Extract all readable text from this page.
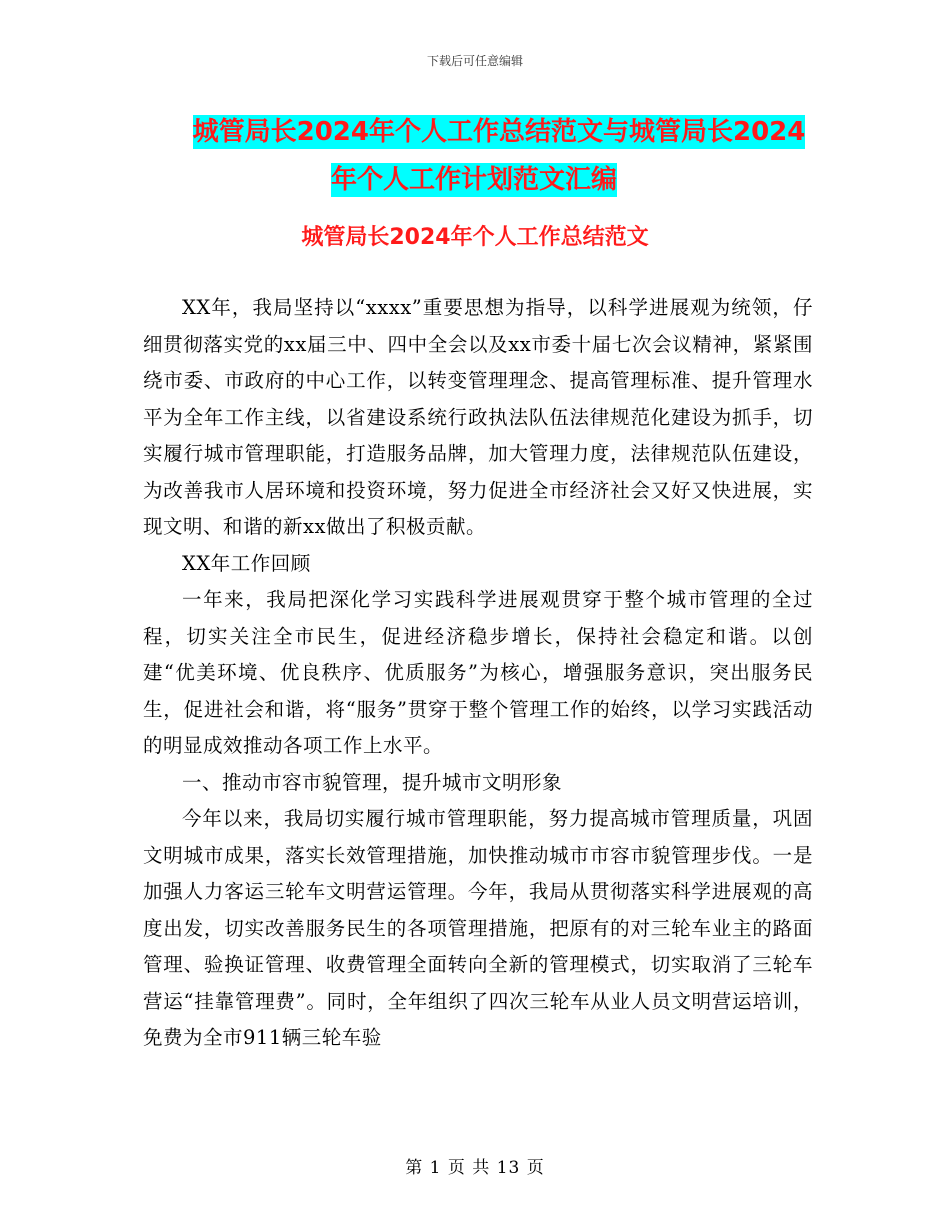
下载后可任意编辑
城管局长2024年个人工作总结范文与城管局长2024
年个人工作计划范文汇编
城管局长2024年个人工作总结范文

XX年，我局坚持以“xxxx”重要思想为指导，以科学进展观为统领，仔细贯彻落实党的xx届三中、四中全会以及xx市委十届七次会议精神，紧紧围绕市委、市政府的中心工作，以转变管理理念、提高管理标准、提升管理水平为全年工作主线，以省建设系统行政执法队伍法律规范化建设为抓手，切实履行城市管理职能，打造服务品牌，加大管理力度，法律规范队伍建设，为改善我市人居环境和投资环境，努力促进全市经济社会又好又快进展，实现文明、和谐的新xx做出了积极贡献。

XX年工作回顾

一年来，我局把深化学习实践科学进展观贯穿于整个城市管理的全过程，切实关注全市民生，促进经济稳步增长，保持社会稳定和谐。以创建“优美环境、优良秩序、优质服务”为核心，增强服务意识，突出服务民生，促进社会和谐，将“服务”贯穿于整个管理工作的始终，以学习实践活动的明显成效推动各项工作上水平。

一、推动市容市貌管理，提升城市文明形象

今年以来，我局切实履行城市管理职能，努力提高城市管理质量，巩固文明城市成果，落实长效管理措施，加快推动城市市容市貌管理步伐。一是加强人力客运三轮车文明营运管理。今年，我局从贯彻落实科学进展观的高度出发，切实改善服务民生的各项管理措施，把原有的对三轮车业主的路面管理、验换证管理、收费管理全面转向全新的管理模式，切实取消了三轮车营运“挂靠管理费”。同时，全年组织了四次三轮车从业人员文明营运培训，免费为全市911辆三轮车验

第 1 页 共 13 页
